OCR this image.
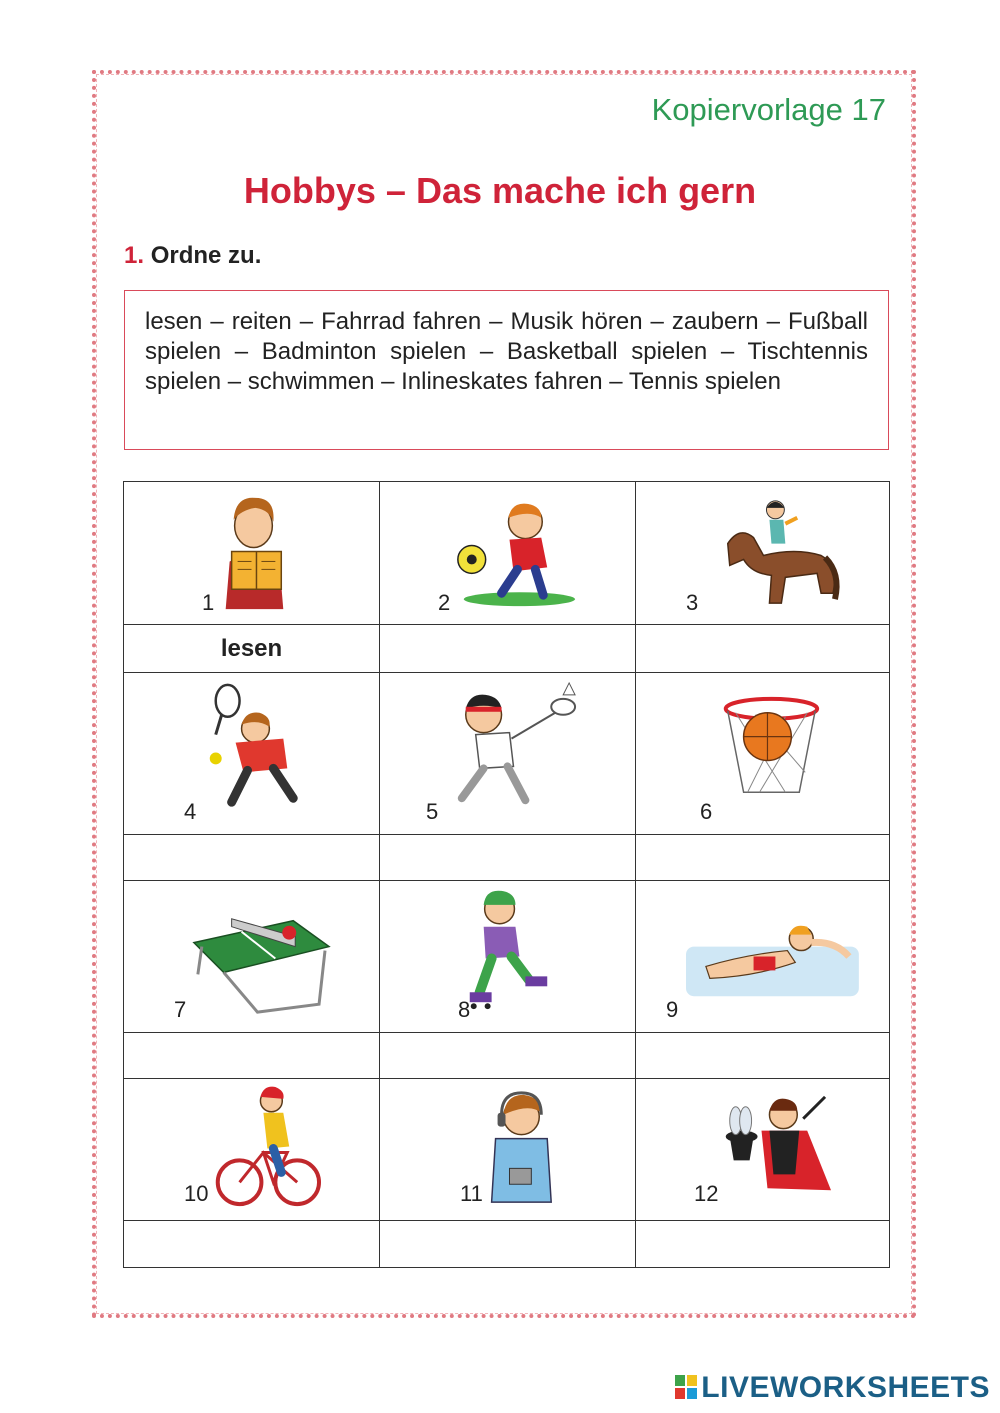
Kopiervorlage 17
Hobbys – Das mache ich gern
1. Ordne zu.
lesen – reiten – Fahrrad fahren – Musik hören – zaubern – Fußball spielen – Badminton spielen – Basketball spielen – Tischtennis spielen – schwimmen – Inlineskates fahren – Tennis spielen
1	2	3

lesen		

4	5	6

7	8	9

10	11	12

LIVEWORKSHEETS
